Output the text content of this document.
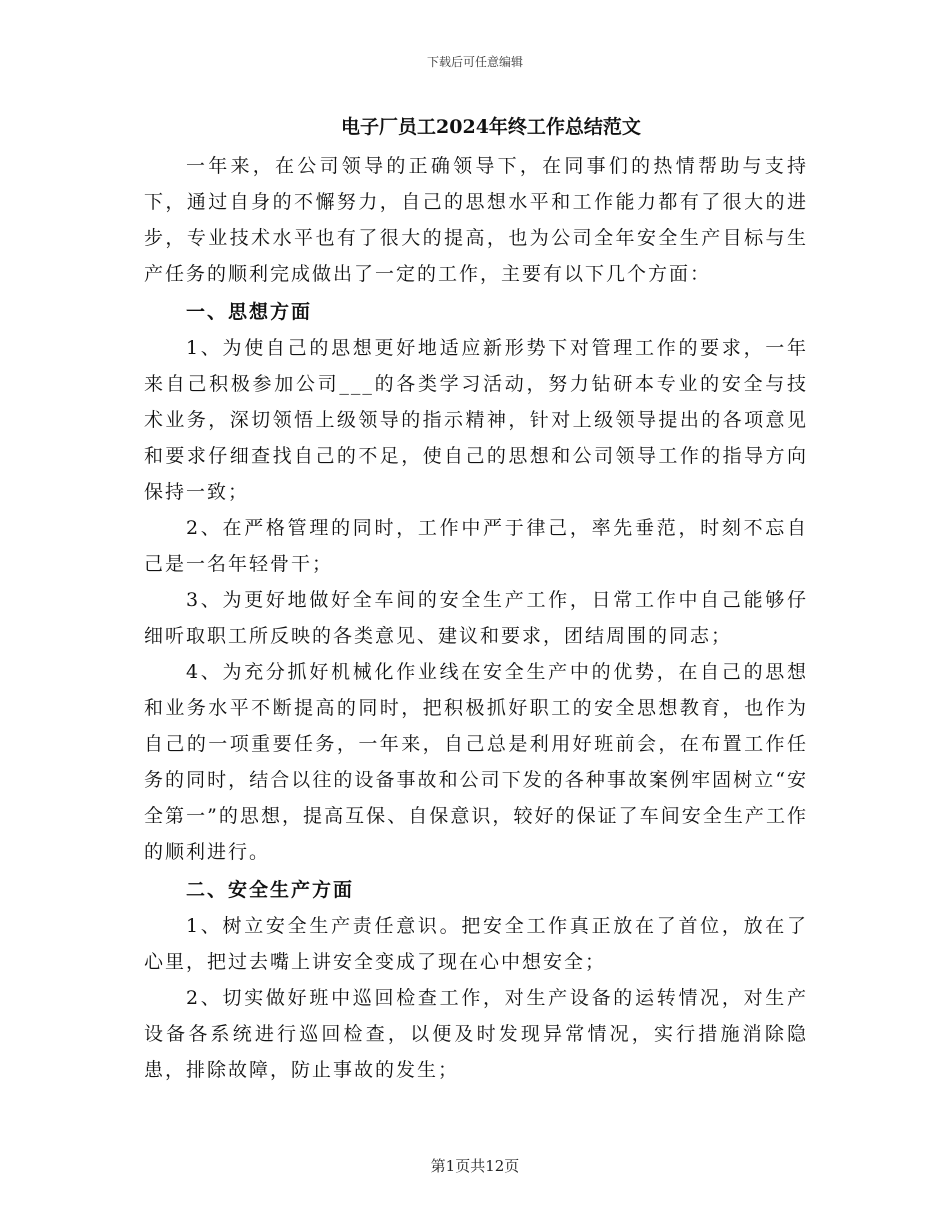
下载后可任意编辑
电子厂员工2024年终工作总结范文

一年来，在公司领导的正确领导下，在同事们的热情帮助与支持下，通过自身的不懈努力，自己的思想水平和工作能力都有了很大的进步，专业技术水平也有了很大的提高，也为公司全年安全生产目标与生产任务的顺利完成做出了一定的工作，主要有以下几个方面：

一、思想方面

1、为使自己的思想更好地适应新形势下对管理工作的要求，一年来自己积极参加公司___的各类学习活动，努力钻研本专业的安全与技术业务，深切领悟上级领导的指示精神，针对上级领导提出的各项意见和要求仔细查找自己的不足，使自己的思想和公司领导工作的指导方向保持一致；

2、在严格管理的同时，工作中严于律己，率先垂范，时刻不忘自己是一名年轻骨干；

3、为更好地做好全车间的安全生产工作，日常工作中自己能够仔细听取职工所反映的各类意见、建议和要求，团结周围的同志；

4、为充分抓好机械化作业线在安全生产中的优势，在自己的思想和业务水平不断提高的同时，把积极抓好职工的安全思想教育，也作为自己的一项重要任务，一年来，自己总是利用好班前会，在布置工作任务的同时，结合以往的设备事故和公司下发的各种事故案例牢固树立“安全第一”的思想，提高互保、自保意识，较好的保证了车间安全生产工作的顺利进行。

二、安全生产方面

1、树立安全生产责任意识。把安全工作真正放在了首位，放在了心里，把过去嘴上讲安全变成了现在心中想安全；

2、切实做好班中巡回检查工作，对生产设备的运转情况，对生产设备各系统进行巡回检查，以便及时发现异常情况，实行措施消除隐患，排除故障，防止事故的发生；

第1页共12页
